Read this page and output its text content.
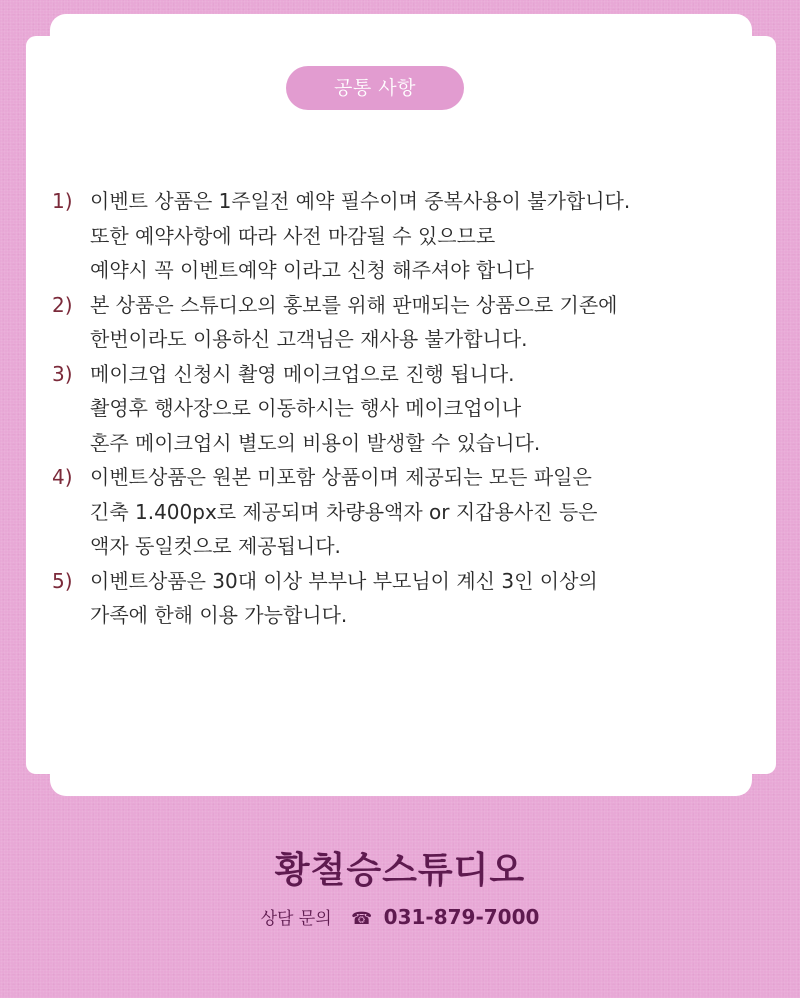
공통 사항
1) 이벤트 상품은 1주일전 예약 필수이며 중복사용이 불가합니다.
또한 예약사항에 따라 사전 마감될 수 있으므로
예약시 꼭 이벤트예약 이라고 신청 해주셔야 합니다
2) 본 상품은 스튜디오의 홍보를 위해 판매되는 상품으로 기존에
한번이라도 이용하신 고객님은 재사용 불가합니다.
3) 메이크업 신청시 촬영 메이크업으로 진행 됩니다.
촬영후 행사장으로 이동하시는 행사 메이크업이나
혼주 메이크업시 별도의 비용이 발생할 수 있습니다.
4) 이벤트상품은 원본 미포함 상품이며 제공되는 모든 파일은
긴축 1.400px로 제공되며 차량용액자 or 지갑용사진 등은
액자 동일컷으로 제공됩니다.
5) 이벤트상품은 30대 이상 부부나 부모님이 계신 3인 이상의
가족에 한해 이용 가능합니다.
황철승스튜디오
상담 문의 ☎ 031-879-7000
